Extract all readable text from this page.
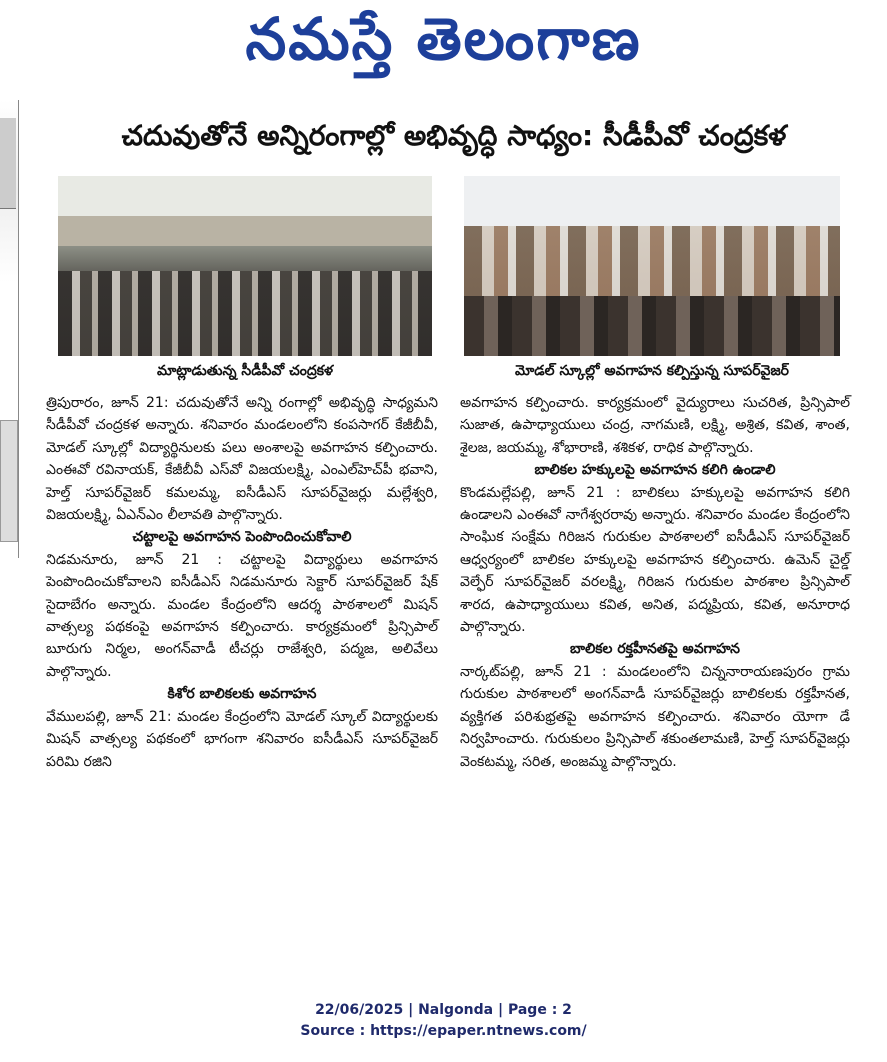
నమస్తే తెలంగాణ
చదువుతోనే అన్నిరంగాల్లో అభివృద్ధి సాధ్యం: సీడీపీవో చంద్రకళ
మాట్లాడుతున్న సీడీపీవో చంద్రకళ	మోడల్ స్కూల్లో అవగాహన కల్పిస్తున్న సూపర్‌వైజర్

త్రిపురారం, జూన్ 21: చదువుతోనే అన్ని రంగాల్లో అభివృద్ధి సాధ్యమని సీడీపీవో చంద్రకళ అన్నారు. శనివారం మండలంలోని కంపసాగర్ కేజీబీవీ, మోడల్ స్కూల్లో విద్యార్థినులకు పలు అంశాలపై అవగాహన కల్పించారు. ఎంఈవో రవినాయక్, కేజీబీవీ ఎస్‌వో విజయలక్ష్మి, ఎంఎల్‌హెచ్‌పీ భవాని, హెల్త్ సూపర్‌వైజర్ కమలమ్మ, ఐసీడీఎస్ సూపర్‌వైజర్లు మల్లేశ్వరి, విజయలక్ష్మి, ఏఎన్‌ఎం లీలావతి పాల్గొన్నారు.

చట్టాలపై అవగాహన పెంపొందించుకోవాలి

నిడమనూరు, జూన్ 21 : చట్టాలపై విద్యార్థులు అవగాహన పెంపొందించుకోవాలని ఐసీడీఎస్ నిడమనూరు సెక్టార్ సూపర్‌వైజర్ షేక్ సైదాబేగం అన్నారు. మండల కేంద్రంలోని ఆదర్శ పాఠశాలలో మిషన్ వాత్సల్య పథకంపై అవగాహన కల్పించారు. కార్యక్రమంలో ప్రిన్సిపాల్ బూరుగు నిర్మల, అంగన్‌వాడీ టీచర్లు రాజేశ్వరి, పద్మజ, అలివేలు పాల్గొన్నారు.

కిశోర బాలికలకు అవగాహన

వేములపల్లి, జూన్ 21: మండల కేంద్రంలోని మోడల్ స్కూల్ విద్యార్థులకు మిషన్ వాత్సల్య పథకంలో భాగంగా శనివారం ఐసీడీఎస్ సూపర్‌వైజర్ పరిమి రజిని

అవగాహన కల్పించారు. కార్యక్రమంలో వైద్యురాలు సుచరిత, ప్రిన్సిపాల్ సుజాత, ఉపాధ్యాయులు చంద్ర, నాగమణి, లక్ష్మి, అశ్రిత, కవిత, శాంత, శైలజ, జయమ్మ, శోభారాణి, శశికళ, రాధిక పాల్గొన్నారు.

బాలికల హక్కులపై అవగాహన కలిగి ఉండాలి

కొండమల్లేపల్లి, జూన్ 21 : బాలికలు హక్కులపై అవగాహన కలిగి ఉండాలని ఎంఈవో నాగేశ్వరరావు అన్నారు. శనివారం మండల కేంద్రంలోని సాంఘిక సంక్షేమ గిరిజన గురుకుల పాఠశాలలో ఐసీడీఎస్ సూపర్‌వైజర్ ఆధ్వర్యంలో బాలికల హక్కులపై అవగాహన కల్పించారు. ఉమెన్ చైల్డ్ వెల్ఫేర్ సూపర్‌వైజర్ వరలక్ష్మి, గిరిజన గురుకుల పాఠశాల ప్రిన్సిపాల్ శారద, ఉపాధ్యాయులు కవిత, అనిత, పద్మప్రియ, కవిత, అనూరాధ పాల్గొన్నారు.

బాలికల రక్తహీనతపై అవగాహన

నార్కట్‌పల్లి, జూన్ 21 : మండలంలోని చిన్ననారాయణపురం గ్రామ గురుకుల పాఠశాలలో అంగన్‌వాడీ సూపర్‌వైజర్లు బాలికలకు రక్తహీనత, వ్యక్తిగత పరిశుభ్రతపై అవగాహన కల్పించారు. శనివారం యోగా డే నిర్వహించారు. గురుకులం ప్రిన్సిపాల్ శకుంతలామణి, హెల్త్ సూపర్‌వైజర్లు వెంకటమ్మ, సరిత, అంజమ్మ పాల్గొన్నారు.

22/06/2025 | Nalgonda | Page : 2
Source : https://epaper.ntnews.com/
